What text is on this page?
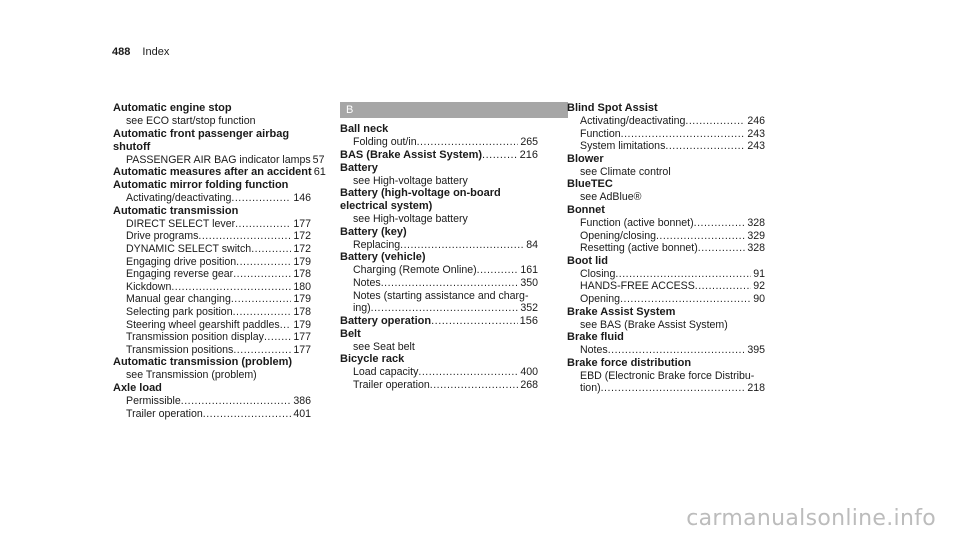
488 Index
Automatic engine stop
see ECO start/stop function
Automatic front passenger airbag shutoff
PASSENGER AIR BAG indicator lamps 57
Automatic measures after an accident 61
Automatic mirror folding function
Activating/deactivating .....	146
Automatic transmission
DIRECT SELECT lever .....	177
Drive programs .....	172
DYNAMIC SELECT switch .....	172
Engaging drive position .....	179
Engaging reverse gear .....	178
Kickdown .....	180
Manual gear changing .....	179
Selecting park position .....	178
Steering wheel gearshift paddles ..... 179
Transmission position display .....	177
Transmission positions .....	177
Automatic transmission (problem)
see Transmission (problem)
Axle load
Permissible .....	386
Trailer operation .....	401
B
Ball neck
Folding out/in .....	265
BAS (Brake Assist System) .....	216
Battery
see High-voltage battery
Battery (high-voltage on-board electrical system)
see High-voltage battery
Battery (key)
Replacing .....	84
Battery (vehicle)
Charging (Remote Online) .....	161
Notes .....	350
Notes (starting assistance and charg-
ing) .....	352
Battery operation .....	156
Belt
see Seat belt
Bicycle rack
Load capacity .....	400
Trailer operation .....	268
Blind Spot Assist
Activating/deactivating .....	246
Function .....	243
System limitations .....	243
Blower
see Climate control
BlueTEC
see AdBlue®
Bonnet
Function (active bonnet) .....	328
Opening/closing .....	329
Resetting (active bonnet) .....	328
Boot lid
Closing .....	91
HANDS-FREE ACCESS .....	92
Opening .....	90
Brake Assist System
see BAS (Brake Assist System)
Brake fluid
Notes .....	395
Brake force distribution
EBD (Electronic Brake force Distribu-
tion) .....	218
carmanualsonline.info
